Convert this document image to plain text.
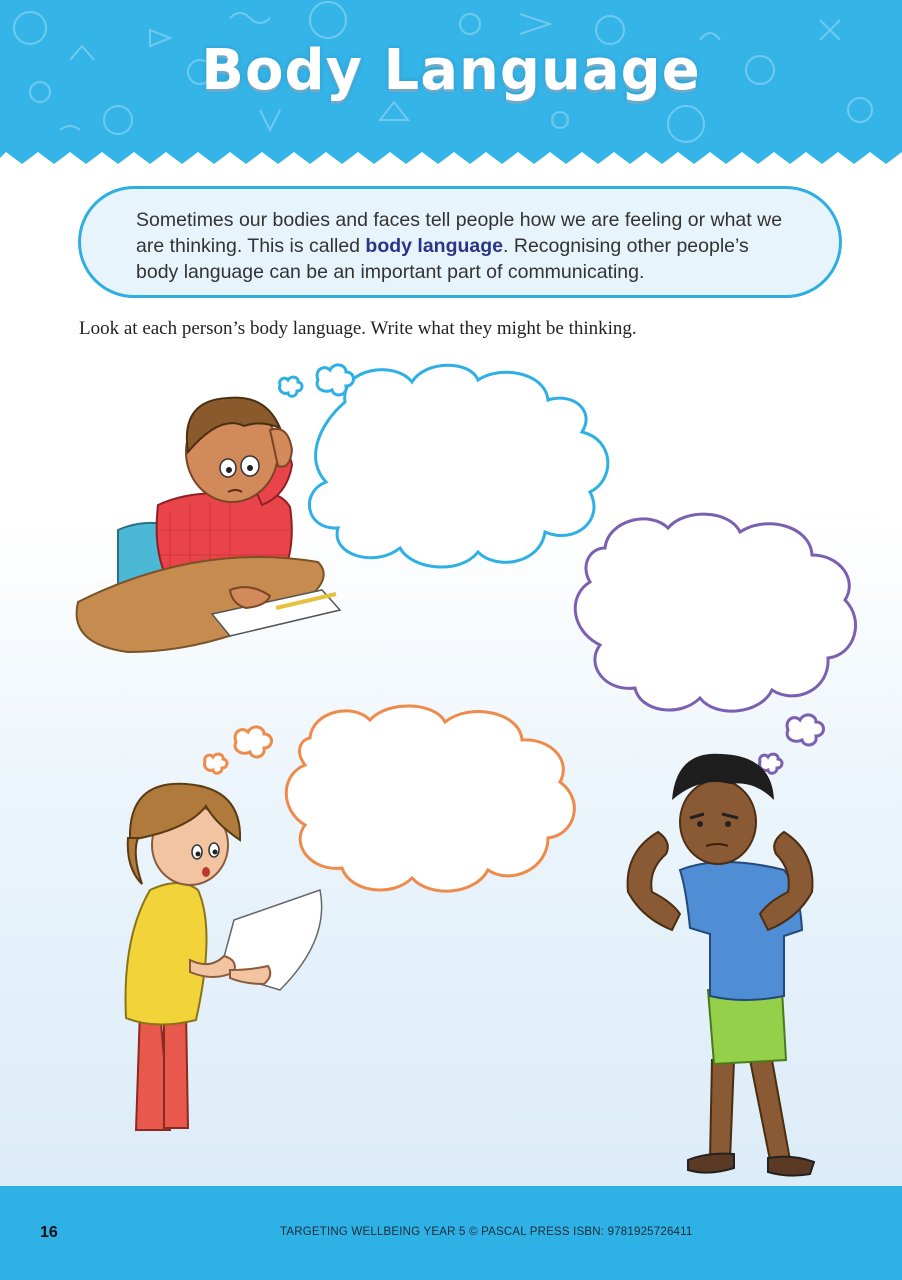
Body Language

Sometimes our bodies and faces tell people how we are feeling or what we are thinking. This is called body language. Recognising other people’s body language can be an important part of communicating.

Look at each person’s body language. Write what they might be thinking.

16	TARGETING WELLBEING YEAR 5 © PASCAL PRESS ISBN: 9781925726411
